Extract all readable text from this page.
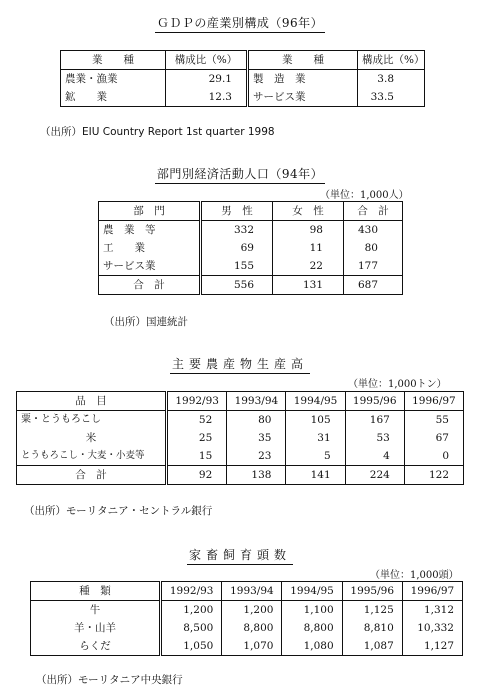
ＧＤＰの産業別構成（96年）
業　　種	構成比（%）	業　　種	構成比（%）
農業・漁業	29.1	製　造　業	3.8
鉱　　業	12.3	サービス業	33.5
（出所）EIU Country Report 1st quarter 1998
部門別経済活動人口（94年）
（単位：1,000人）
部　門	男　性	女　性	合　計
農　業　等	332	98	430
工　　業	69	11	80
サービス業	155	22	177
合　計	556	131	687
（出所）国連統計
主要農産物生産高
（単位：1,000トン）
品　目	1992/93	1993/94	1994/95	1995/96	1996/97
粟・とうもろこし	52	80	105	167	55
米	25	35	31	53	67
とうもろこし・大麦・小麦等	15	23	5	4	0
合　計	92	138	141	224	122
（出所）モーリタニア・セントラル銀行
家畜飼育頭数
（単位：1,000頭）
種　類	1992/93	1993/94	1994/95	1995/96	1996/97
牛	1,200	1,200	1,100	1,125	1,312
羊・山羊	8,500	8,800	8,800	8,810	10,332
らくだ	1,050	1,070	1,080	1,087	1,127
（出所）モーリタニア中央銀行
